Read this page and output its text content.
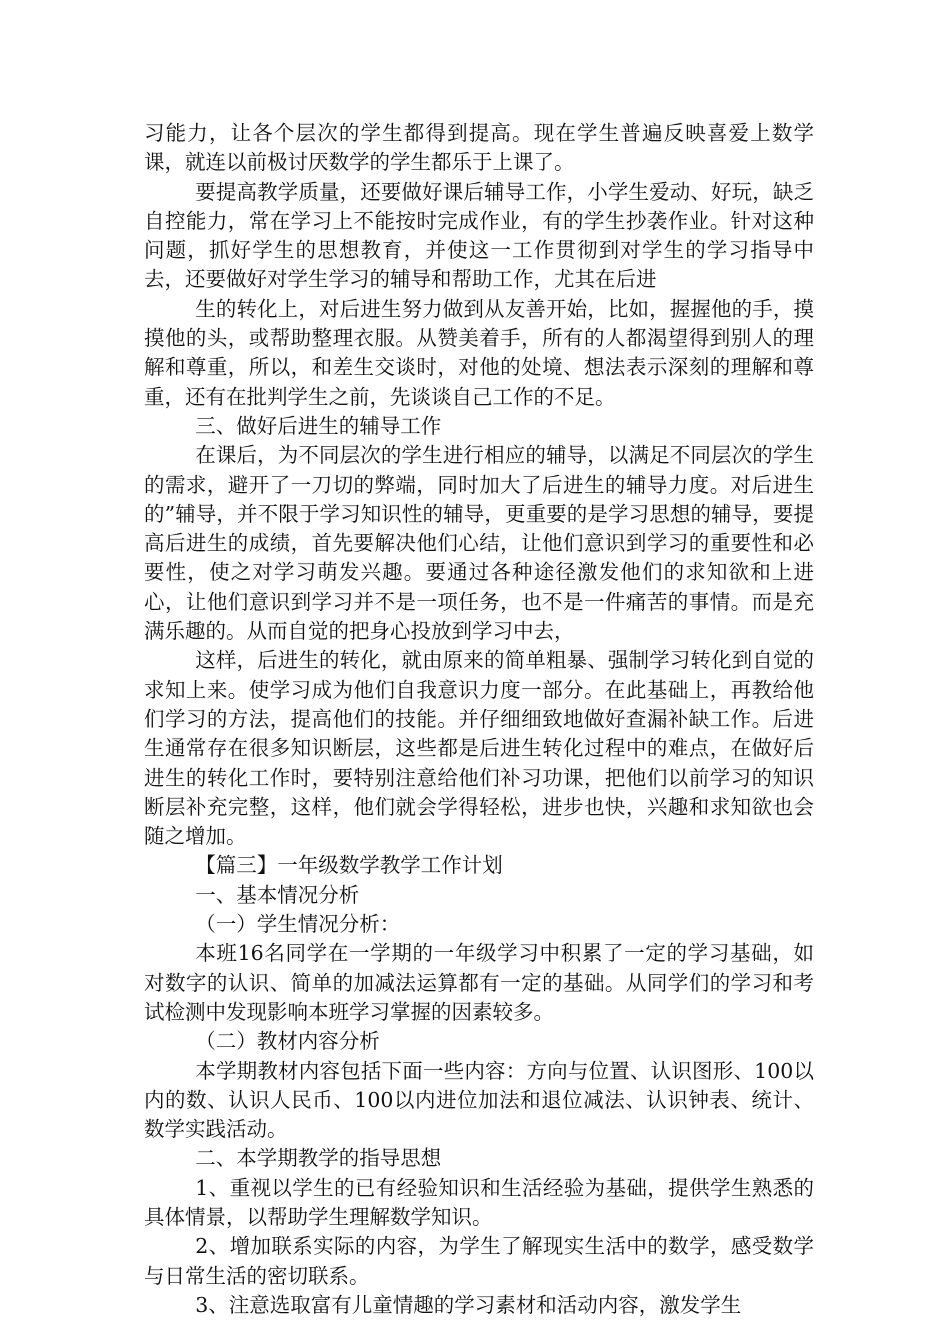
习能力，让各个层次的学生都得到提高。现在学生普遍反映喜爱上数学课，就连以前极讨厌数学的学生都乐于上课了。

要提高教学质量，还要做好课后辅导工作，小学生爱动、好玩，缺乏自控能力，常在学习上不能按时完成作业，有的学生抄袭作业。针对这种问题，抓好学生的思想教育，并使这一工作贯彻到对学生的学习指导中去，还要做好对学生学习的辅导和帮助工作，尤其在后进

生的转化上，对后进生努力做到从友善开始，比如，握握他的手，摸摸他的头，或帮助整理衣服。从赞美着手，所有的人都渴望得到别人的理解和尊重，所以，和差生交谈时，对他的处境、想法表示深刻的理解和尊重，还有在批判学生之前，先谈谈自己工作的不足。

三、做好后进生的辅导工作

在课后，为不同层次的学生进行相应的辅导，以满足不同层次的学生的需求，避开了一刀切的弊端，同时加大了后进生的辅导力度。对后进生的”辅导，并不限于学习知识性的辅导，更重要的是学习思想的辅导，要提高后进生的成绩，首先要解决他们心结，让他们意识到学习的重要性和必要性，使之对学习萌发兴趣。要通过各种途径激发他们的求知欲和上进心，让他们意识到学习并不是一项任务，也不是一件痛苦的事情。而是充满乐趣的。从而自觉的把身心投放到学习中去，

这样，后进生的转化，就由原来的简单粗暴、强制学习转化到自觉的求知上来。使学习成为他们自我意识力度一部分。在此基础上，再教给他们学习的方法，提高他们的技能。并仔细细致地做好查漏补缺工作。后进生通常存在很多知识断层，这些都是后进生转化过程中的难点，在做好后进生的转化工作时，要特别注意给他们补习功课，把他们以前学习的知识断层补充完整，这样，他们就会学得轻松，进步也快，兴趣和求知欲也会随之增加。

【篇三】一年级数学教学工作计划

一、基本情况分析

（一）学生情况分析：

本班16名同学在一学期的一年级学习中积累了一定的学习基础，如对数字的认识、简单的加减法运算都有一定的基础。从同学们的学习和考试检测中发现影响本班学习掌握的因素较多。

（二）教材内容分析

本学期教材内容包括下面一些内容：方向与位置、认识图形、100以内的数、认识人民币、100以内进位加法和退位减法、认识钟表、统计、数学实践活动。

二、本学期教学的指导思想

1、重视以学生的已有经验知识和生活经验为基础，提供学生熟悉的具体情景，以帮助学生理解数学知识。

2、增加联系实际的内容，为学生了解现实生活中的数学，感受数学与日常生活的密切联系。

3、注意选取富有儿童情趣的学习素材和活动内容，激发学生
